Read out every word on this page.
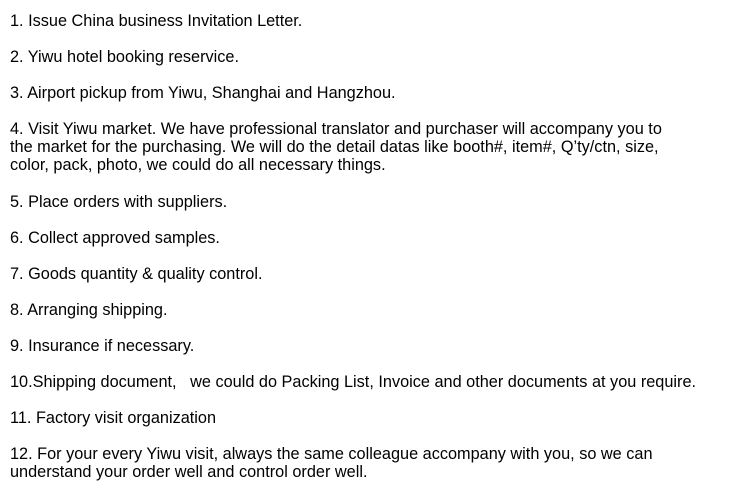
1. Issue China business Invitation Letter.

2. Yiwu hotel booking reservice.

3. Airport pickup from Yiwu, Shanghai and Hangzhou.

4. Visit Yiwu market. We have professional translator and purchaser will accompany you to
the market for the purchasing. We will do the detail datas like booth#, item#, Q’ty/ctn, size,
color, pack, photo, we could do all necessary things.

5. Place orders with suppliers.

6. Collect approved samples.

7. Goods quantity & quality control.

8. Arranging shipping.

9. Insurance if necessary.

10.Shipping document,   we could do Packing List, Invoice and other documents at you require.

11. Factory visit organization

12. For your every Yiwu visit, always the same colleague accompany with you, so we can
understand your order well and control order well.
